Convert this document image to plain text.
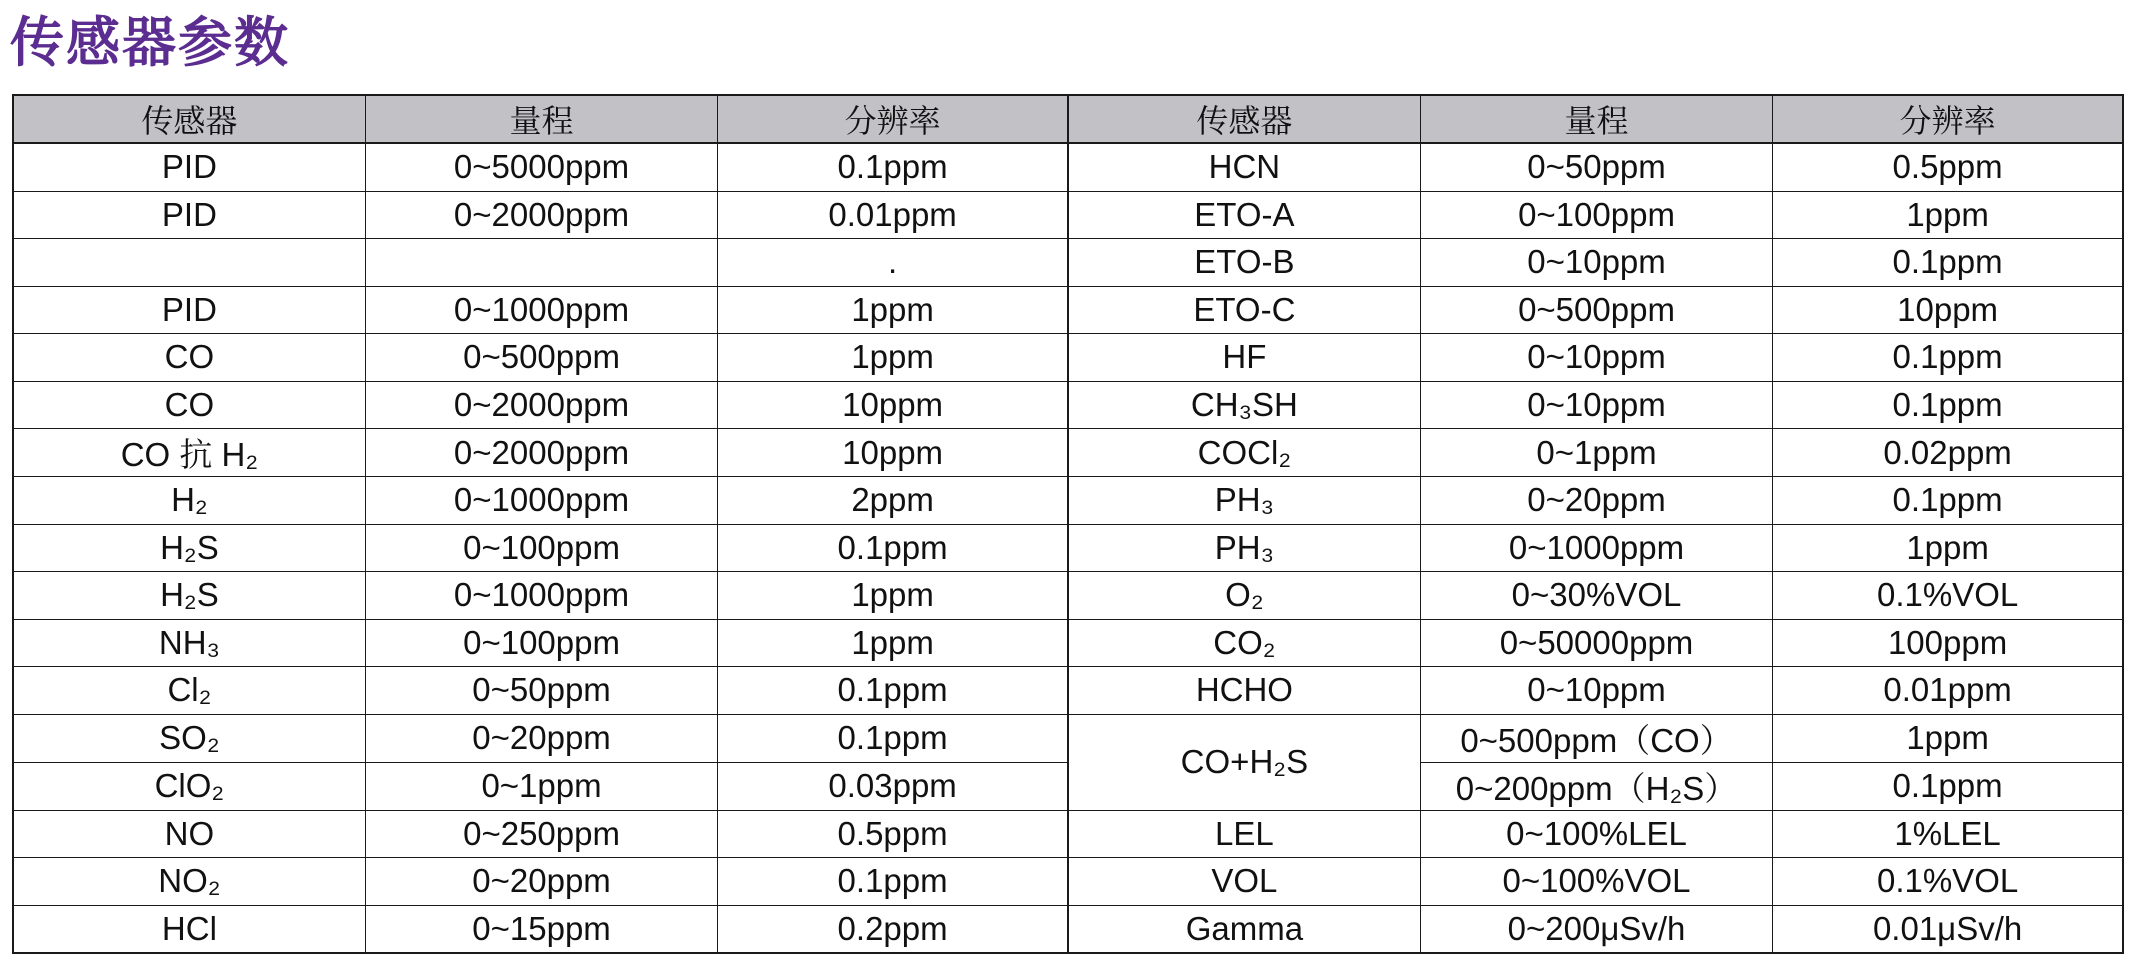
传感器参数
传感器	量程	分辨率	传感器	量程	分辨率
PID	0~5000ppm	0.1ppm	HCN	0~50ppm	0.5ppm
PID	0~2000ppm	0.01ppm	ETO-A	0~100ppm	1ppm
		.	ETO-B	0~10ppm	0.1ppm
PID	0~1000ppm	1ppm	ETO-C	0~500ppm	10ppm
CO	0~500ppm	1ppm	HF	0~10ppm	0.1ppm
CO	0~2000ppm	10ppm	CH₃SH	0~10ppm	0.1ppm
CO 抗 H₂	0~2000ppm	10ppm	COCl₂	0~1ppm	0.02ppm
H₂	0~1000ppm	2ppm	PH₃	0~20ppm	0.1ppm
H₂S	0~100ppm	0.1ppm	PH₃	0~1000ppm	1ppm
H₂S	0~1000ppm	1ppm	O₂	0~30%VOL	0.1%VOL
NH₃	0~100ppm	1ppm	CO₂	0~50000ppm	100ppm
Cl₂	0~50ppm	0.1ppm	HCHO	0~10ppm	0.01ppm
SO₂	0~20ppm	0.1ppm	CO+H₂S	0~500ppm（CO）	1ppm
ClO₂	0~1ppm	0.03ppm		0~200ppm（H₂S）	0.1ppm
NO	0~250ppm	0.5ppm	LEL	0~100%LEL	1%LEL
NO₂	0~20ppm	0.1ppm	VOL	0~100%VOL	0.1%VOL
HCl	0~15ppm	0.2ppm	Gamma	0~200μSv/h	0.01μSv/h
